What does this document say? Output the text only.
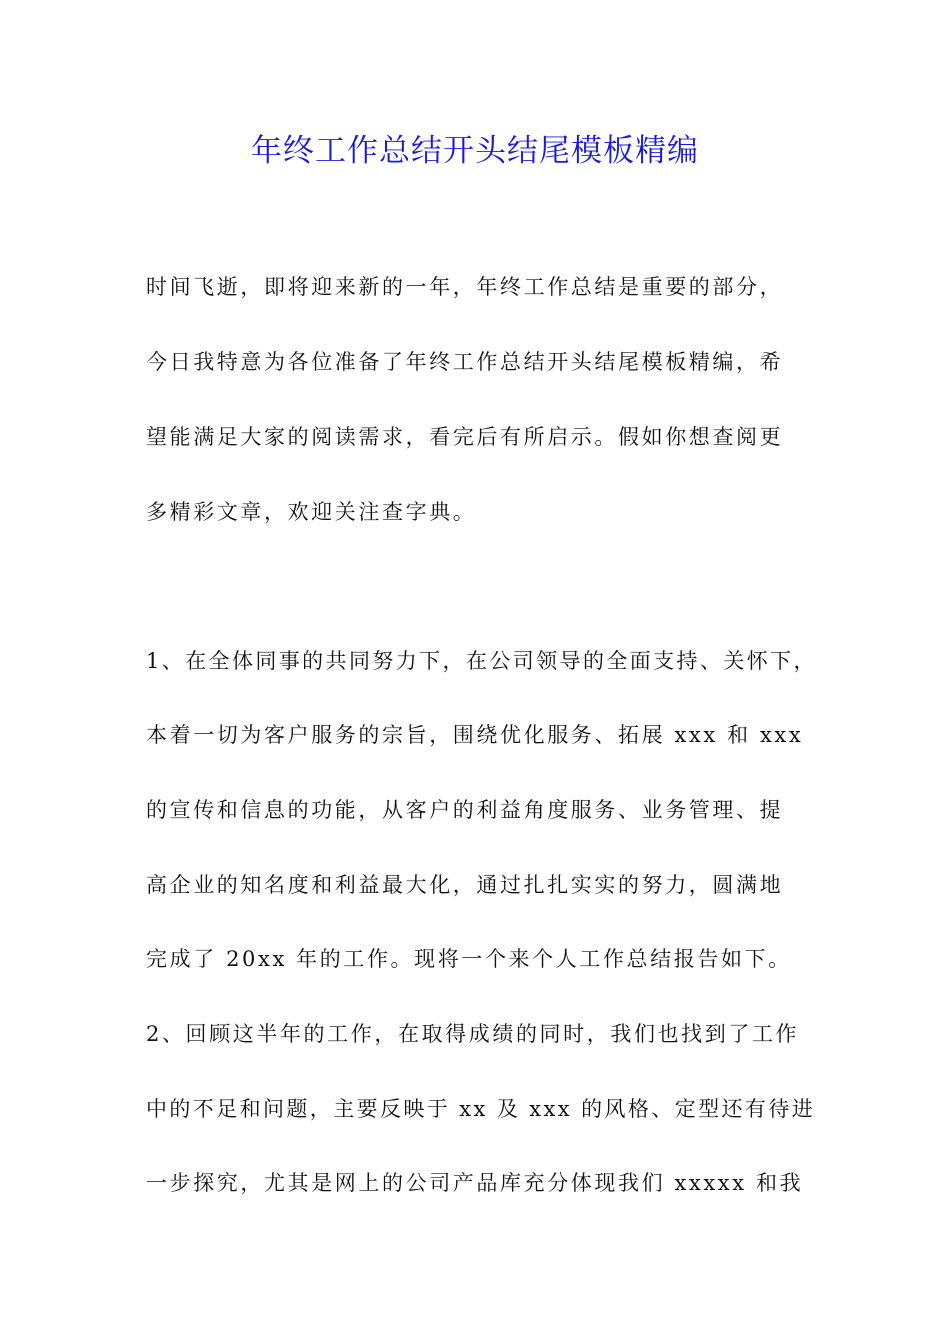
年终工作总结开头结尾模板精编
时间飞逝，即将迎来新的一年，年终工作总结是重要的部分，
今日我特意为各位准备了年终工作总结开头结尾模板精编，希
望能满足大家的阅读需求，看完后有所启示。假如你想查阅更
多精彩文章，欢迎关注查字典。
1、在全体同事的共同努力下，在公司领导的全面支持、关怀下，
本着一切为客户服务的宗旨，围绕优化服务、拓展 xxx 和 xxx
的宣传和信息的功能，从客户的利益角度服务、业务管理、提
高企业的知名度和利益最大化，通过扎扎实实的努力，圆满地
完成了 20xx 年的工作。现将一个来个人工作总结报告如下。
2、回顾这半年的工作，在取得成绩的同时，我们也找到了工作
中的不足和问题，主要反映于 xx 及 xxx 的风格、定型还有待进
一步探究，尤其是网上的公司产品库充分体现我们 xxxxx 和我
